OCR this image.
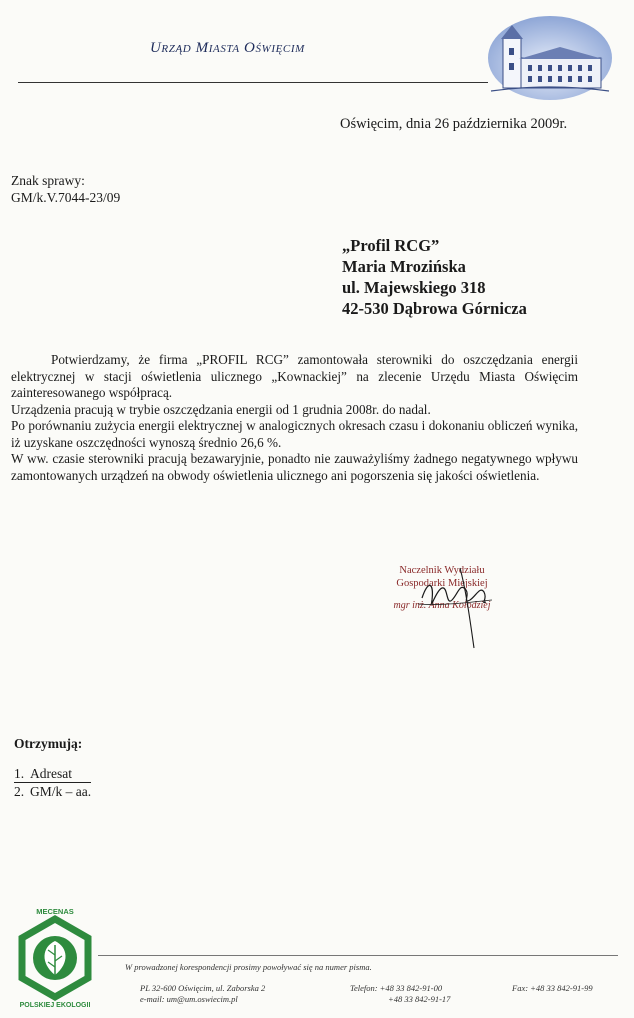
Urząd Miasta Oświęcim
Oświęcim, dnia 26 października 2009r.
Znak sprawy:
GM/k.V.7044-23/09
„Profil RCG”
Maria Mrozińska
ul. Majewskiego 318
42-530 Dąbrowa Górnicza

Potwierdzamy, że firma „PROFIL RCG” zamontowała sterowniki do oszczędzania energii elektrycznej w stacji oświetlenia ulicznego „Kownackiej” na zlecenie Urzędu Miasta Oświęcim zainteresowanego współpracą.

Urządzenia pracują w trybie oszczędzania energii od 1 grudnia 2008r. do nadal.

Po porównaniu zużycia energii elektrycznej w analogicznych okresach czasu i dokonaniu obliczeń wynika, iż uzyskane oszczędności wynoszą średnio 26,6 %.

W ww. czasie sterowniki pracują bezawaryjnie, ponadto nie zauważyliśmy żadnego negatywnego wpływu zamontowanych urządzeń na obwody oświetlenia ulicznego ani pogorszenia się jakości oświetlenia.

Naczelnik Wydziału
Gospodarki Miejskiej
mgr inż. Anna Kołodziej
Otrzymują:
1. Adresat
2. GM/k – aa.
MECENAS
POLSKIEJ EKOLOGII
W prowadzonej korespondencji prosimy powoływać się na numer pisma.
PL 32-600 Oświęcim, ul. Zaborska 2
e-mail: um@um.oswiecim.pl
Telefon: +48 33 842-91-00
+48 33 842-91-17
Fax: +48 33 842-91-99
